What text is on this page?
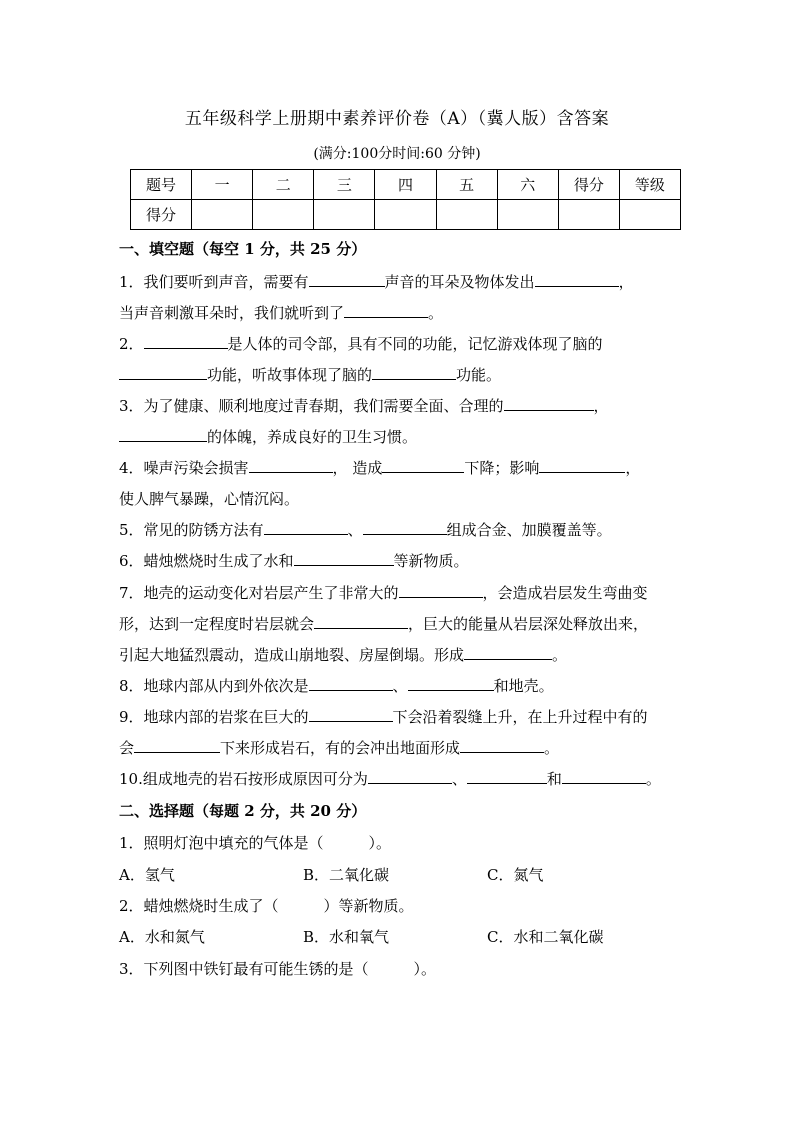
五年级科学上册期中素养评价卷（A）（冀人版）含答案
(满分:100分时间:60 分钟)
题号	一	二	三	四	五	六	得分	等级
得分								
一、填空题（每空 1 分，共 25 分）
1．我们要听到声音，需要有	声音的耳朵及物体发出	，
当声音刺激耳朵时，我们就听到了	。
2．	是人体的司令部，具有不同的功能，记忆游戏体现了脑的
功能，听故事体现了脑的	功能。
3．为了健康、顺利地度过青春期，我们需要全面、合理的	，
的体魄，养成良好的卫生习惯。
4．噪声污染会损害	， 造成	下降；影响	，
使人脾气暴躁，心情沉闷。
5．常见的防锈方法有	、	组成合金、加膜覆盖等。
6．蜡烛燃烧时生成了水和	等新物质。
7．地壳的运动变化对岩层产生了非常大的	，会造成岩层发生弯曲变
形，达到一定程度时岩层就会	，巨大的能量从岩层深处释放出来，
引起大地猛烈震动，造成山崩地裂、房屋倒塌。形成	。
8．地球内部从内到外依次是	、	和地壳。
9．地球内部的岩浆在巨大的	下会沿着裂缝上升，在上升过程中有的
会	下来形成岩石，有的会冲出地面形成	。
10.组成地壳的岩石按形成原因可分为	、	和	。
二、选择题（每题 2 分，共 20 分）
1．照明灯泡中填充的气体是（　　　）。
A．氢气	B．二氧化碳	C．氮气
2．蜡烛燃烧时生成了（　　　）等新物质。
A．水和氮气	B．水和氧气	C．水和二氧化碳
3．下列图中铁钉最有可能生锈的是（　　　）。
